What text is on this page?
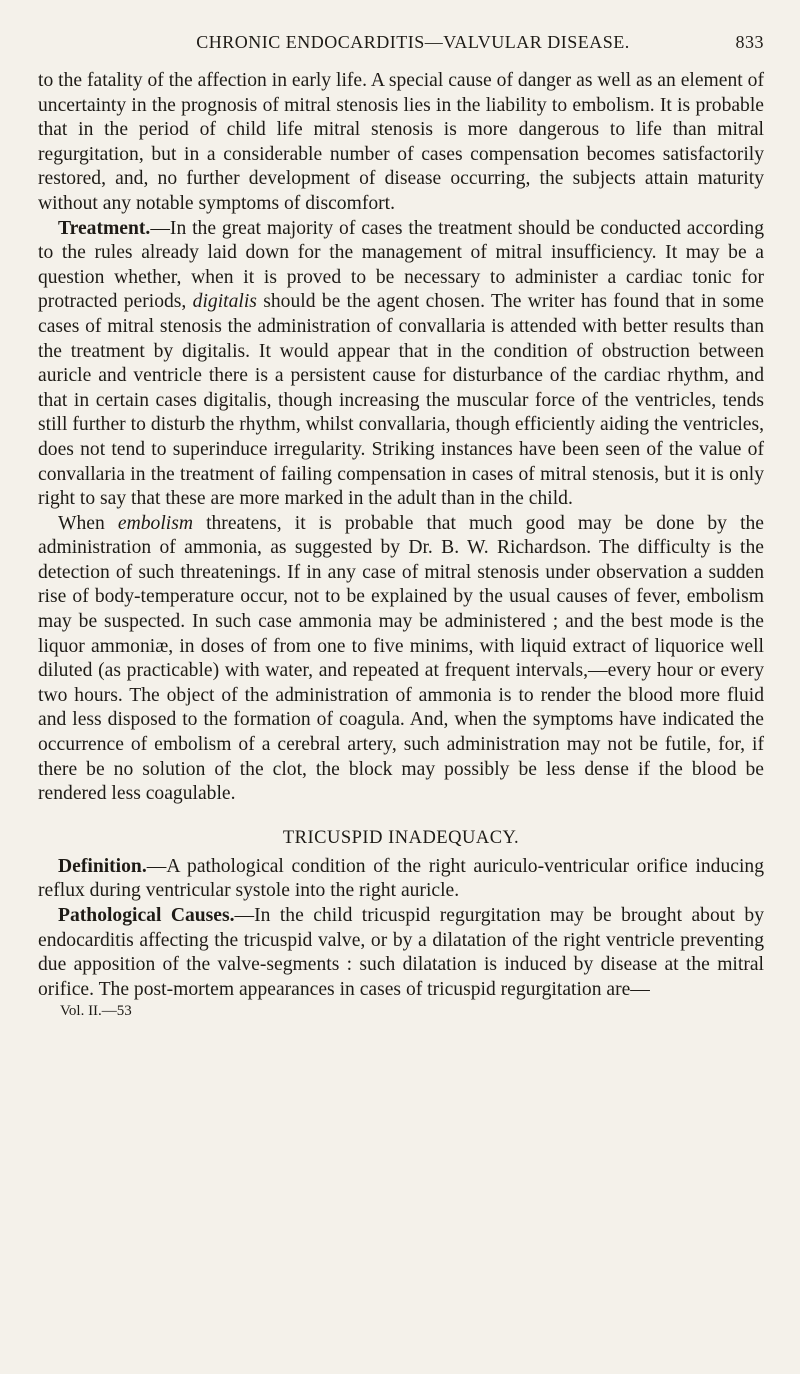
CHRONIC ENDOCARDITIS—VALVULAR DISEASE.	833

to the fatality of the affection in early life. A special cause of danger as well as an element of uncertainty in the prognosis of mitral stenosis lies in the liability to embolism. It is probable that in the period of child life mitral stenosis is more dangerous to life than mitral regurgitation, but in a considerable number of cases compensation becomes satisfactorily restored, and, no further development of disease occurring, the subjects attain maturity without any notable symptoms of discomfort.

Treatment.—In the great majority of cases the treatment should be conducted according to the rules already laid down for the management of mitral insufficiency. It may be a question whether, when it is proved to be necessary to administer a cardiac tonic for protracted periods, digitalis should be the agent chosen. The writer has found that in some cases of mitral stenosis the administration of convallaria is attended with better results than the treatment by digitalis. It would appear that in the condition of obstruction between auricle and ventricle there is a persistent cause for disturbance of the cardiac rhythm, and that in certain cases digitalis, though increasing the muscular force of the ventricles, tends still further to disturb the rhythm, whilst convallaria, though efficiently aiding the ventricles, does not tend to superinduce irregularity. Striking instances have been seen of the value of convallaria in the treatment of failing compensation in cases of mitral stenosis, but it is only right to say that these are more marked in the adult than in the child.

When embolism threatens, it is probable that much good may be done by the administration of ammonia, as suggested by Dr. B. W. Richardson. The difficulty is the detection of such threatenings. If in any case of mitral stenosis under observation a sudden rise of body-temperature occur, not to be explained by the usual causes of fever, embolism may be suspected. In such case ammonia may be administered ; and the best mode is the liquor ammoniæ, in doses of from one to five minims, with liquid extract of liquorice well diluted (as practicable) with water, and repeated at frequent intervals,—every hour or every two hours. The object of the administration of ammonia is to render the blood more fluid and less disposed to the formation of coagula. And, when the symptoms have indicated the occurrence of embolism of a cerebral artery, such administration may not be futile, for, if there be no solution of the clot, the block may possibly be less dense if the blood be rendered less coagulable.

TRICUSPID INADEQUACY.

Definition.—A pathological condition of the right auriculo-ventricular orifice inducing reflux during ventricular systole into the right auricle.

Pathological Causes.—In the child tricuspid regurgitation may be brought about by endocarditis affecting the tricuspid valve, or by a dilatation of the right ventricle preventing due apposition of the valve-segments : such dilatation is induced by disease at the mitral orifice. The post-mortem appearances in cases of tricuspid regurgitation are—

Vol. II.—53
